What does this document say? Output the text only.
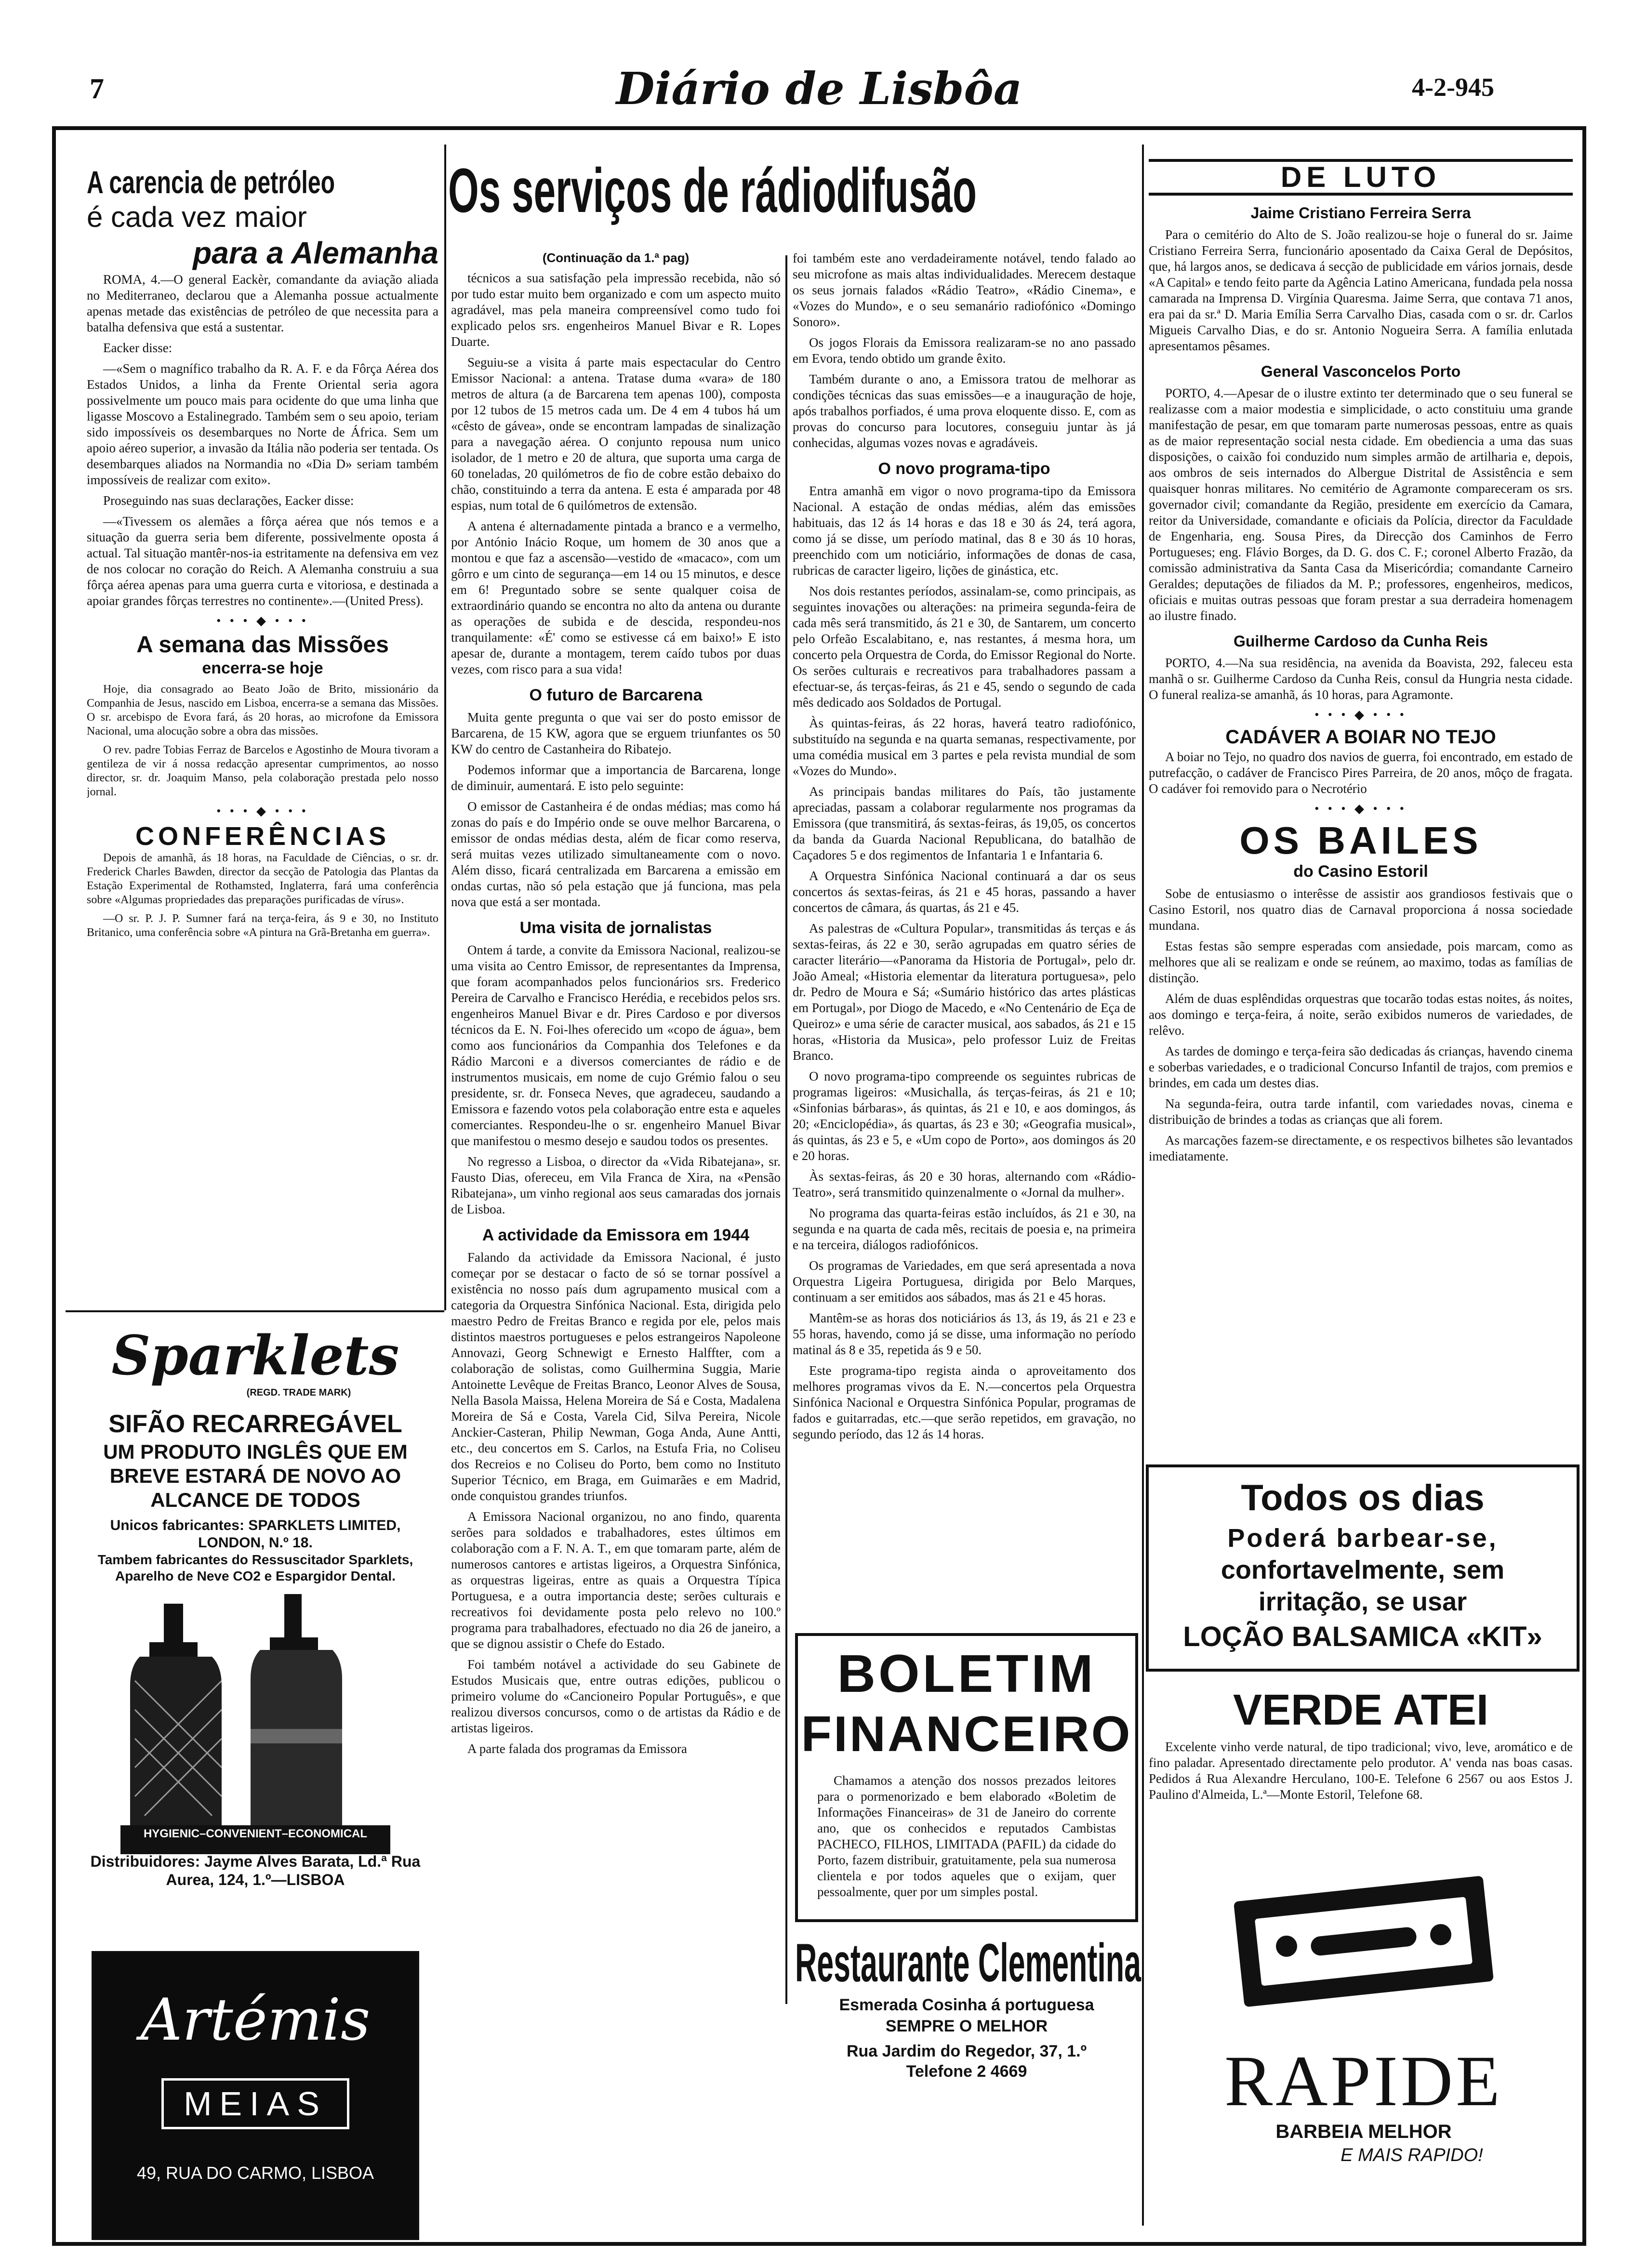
7	Diário de Lisbôa	4-2-945
A carencia de petróleo
é cada vez maior
para a Alemanha

ROMA, 4.—O general Eackèr, comandante da aviação aliada no Mediterraneo, declarou que a Alemanha possue actualmente apenas metade das existências de petróleo de que necessita para a batalha defensiva que está a sustentar.

Eacker disse:

—«Sem o magnífico trabalho da R. A. F. e da Fôrça Aérea dos Estados Unidos, a linha da Frente Oriental seria agora possivelmente um pouco mais para ocidente do que uma linha que ligasse Moscovo a Estalinegrado. Também sem o seu apoio, teriam sido impossíveis os desembarques no Norte de África. Sem um apoio aéreo superior, a invasão da Itália não poderia ser tentada. Os desembarques aliados na Normandia no «Dia D» seriam também impossíveis de realizar com exito».

Proseguindo nas suas declarações, Eacker disse:

—«Tivessem os alemães a fôrça aérea que nós temos e a situação da guerra seria bem diferente, possivelmente oposta á actual. Tal situação mantêr-nos-ia estritamente na defensiva em vez de nos colocar no coração do Reich. A Alemanha construiu a sua fôrça aérea apenas para uma guerra curta e vitoriosa, e destinada a apoiar grandes fôrças terrestres no continente».—(United Press).

• • • ◆ • • •
A semana das Missões
encerra-se hoje

Hoje, dia consagrado ao Beato João de Brito, missionário da Companhia de Jesus, nascido em Lisboa, encerra-se a semana das Missões. O sr. arcebispo de Evora fará, ás 20 horas, ao microfone da Emissora Nacional, uma alocução sobre a obra das missões.

O rev. padre Tobias Ferraz de Barcelos e Agostinho de Moura tivoram a gentileza de vir á nossa redacção apresentar cumprimentos, ao nosso director, sr. dr. Joaquim Manso, pela colaboração prestada pelo nosso jornal.

• • • ◆ • • •
CONFERÊNCIAS

Depois de amanhã, ás 18 horas, na Faculdade de Ciências, o sr. dr. Frederick Charles Bawden, director da secção de Patologia das Plantas da Estação Experimental de Rothamsted, Inglaterra, fará uma conferência sobre «Algumas propriedades das preparações purificadas de vírus».

—O sr. P. J. P. Sumner fará na terça-feira, ás 9 e 30, no Instituto Britanico, uma conferência sobre «A pintura na Grã-Bretanha em guerra».

Sparklets
(REGD. TRADE MARK)
SIFÃO RECARREGÁVEL
UM PRODUTO INGLÊS QUE EM BREVE ESTARÁ DE NOVO AO ALCANCE DE TODOS
Unicos fabricantes: SPARKLETS LIMITED, LONDON, N.º 18.
Tambem fabricantes do Ressuscitador Sparklets, Aparelho de Neve CO2 e Espargidor Dental.
HYGIENIC–CONVENIENT–ECONOMICAL
Distribuidores: Jayme Alves Barata, Ld.ª Rua Aurea, 124, 1.º—LISBOA
Artémis
MEIAS
49, RUA DO CARMO, LISBOA
Os serviços de rádiodifusão
(Continuação da 1.ª pag)

técnicos a sua satisfação pela impressão recebida, não só por tudo estar muito bem organizado e com um aspecto muito agradável, mas pela maneira compreensível como tudo foi explicado pelos srs. engenheiros Manuel Bivar e R. Lopes Duarte.

Seguiu-se a visita á parte mais espectacular do Centro Emissor Nacional: a antena. Tratase duma «vara» de 180 metros de altura (a de Barcarena tem apenas 100), composta por 12 tubos de 15 metros cada um. De 4 em 4 tubos há um «cêsto de gávea», onde se encontram lampadas de sinalização para a navegação aérea. O conjunto repousa num unico isolador, de 1 metro e 20 de altura, que suporta uma carga de 60 toneladas, 20 quilómetros de fio de cobre estão debaixo do chão, constituindo a terra da antena. E esta é amparada por 48 espias, num total de 6 quilómetros de extensão.

A antena é alternadamente pintada a branco e a vermelho, por António Inácio Roque, um homem de 30 anos que a montou e que faz a ascensão—vestido de «macaco», com um gôrro e um cinto de segurança—em 14 ou 15 minutos, e desce em 6! Preguntado sobre se sente qualquer coisa de extraordinário quando se encontra no alto da antena ou durante as operações de subida e de descida, respondeu-nos tranquilamente: «É' como se estivesse cá em baixo!» E isto apesar de, durante a montagem, terem caído tubos por duas vezes, com risco para a sua vida!

O futuro de Barcarena

Muita gente pregunta o que vai ser do posto emissor de Barcarena, de 15 KW, agora que se erguem triunfantes os 50 KW do centro de Castanheira do Ribatejo.

Podemos informar que a importancia de Barcarena, longe de diminuir, aumentará. E isto pelo seguinte:

O emissor de Castanheira é de ondas médias; mas como há zonas do país e do Império onde se ouve melhor Barcarena, o emissor de ondas médias desta, além de ficar como reserva, será muitas vezes utilizado simultaneamente com o novo. Além disso, ficará centralizada em Barcarena a emissão em ondas curtas, não só pela estação que já funciona, mas pela nova que está a ser montada.

Uma visita de jornalistas

Ontem á tarde, a convite da Emissora Nacional, realizou-se uma visita ao Centro Emissor, de representantes da Imprensa, que foram acompanhados pelos funcionários srs. Frederico Pereira de Carvalho e Francisco Herédia, e recebidos pelos srs. engenheiros Manuel Bivar e dr. Pires Cardoso e por diversos técnicos da E. N. Foi-lhes oferecido um «copo de água», bem como aos funcionários da Companhia dos Telefones e da Rádio Marconi e a diversos comerciantes de rádio e de instrumentos musicais, em nome de cujo Grémio falou o seu presidente, sr. dr. Fonseca Neves, que agradeceu, saudando a Emissora e fazendo votos pela colaboração entre esta e aqueles comerciantes. Respondeu-lhe o sr. engenheiro Manuel Bivar que manifestou o mesmo desejo e saudou todos os presentes.

No regresso a Lisboa, o director da «Vida Ribatejana», sr. Fausto Dias, ofereceu, em Vila Franca de Xira, na «Pensão Ribatejana», um vinho regional aos seus camaradas dos jornais de Lisboa.

A actividade da Emissora em 1944

Falando da actividade da Emissora Nacional, é justo começar por se destacar o facto de só se tornar possível a existência no nosso país dum agrupamento musical com a categoria da Orquestra Sinfónica Nacional. Esta, dirigida pelo maestro Pedro de Freitas Branco e regida por ele, pelos mais distintos maestros portugueses e pelos estrangeiros Napoleone Annovazi, Georg Schnewigt e Ernesto Halffter, com a colaboração de solistas, como Guilhermina Suggia, Marie Antoinette Levêque de Freitas Branco, Leonor Alves de Sousa, Nella Basola Maissa, Helena Moreira de Sá e Costa, Madalena Moreira de Sá e Costa, Varela Cid, Silva Pereira, Nicole Anckier-Casteran, Philip Newman, Goga Anda, Aune Antti, etc., deu concertos em S. Carlos, na Estufa Fria, no Coliseu dos Recreios e no Coliseu do Porto, bem como no Instituto Superior Técnico, em Braga, em Guimarães e em Madrid, onde conquistou grandes triunfos.

A Emissora Nacional organizou, no ano findo, quarenta serões para soldados e trabalhadores, estes últimos em colaboração com a F. N. A. T., em que tomaram parte, além de numerosos cantores e artistas ligeiros, a Orquestra Sinfónica, as orquestras ligeiras, entre as quais a Orquestra Típica Portuguesa, e a outra importancia deste; serões culturais e recreativos foi devidamente posta pelo relevo no 100.º programa para trabalhadores, efectuado no dia 26 de janeiro, a que se dignou assistir o Chefe do Estado.

Foi também notável a actividade do seu Gabinete de Estudos Musicais que, entre outras edições, publicou o primeiro volume do «Cancioneiro Popular Português», e que realizou diversos concursos, como o de artistas da Rádio e de artistas ligeiros.

A parte falada dos programas da Emissora

foi também este ano verdadeiramente notável, tendo falado ao seu microfone as mais altas individualidades. Merecem destaque os seus jornais falados «Rádio Teatro», «Rádio Cinema», e «Vozes do Mundo», e o seu semanário radiofónico «Domingo Sonoro».

Os jogos Florais da Emissora realizaram-se no ano passado em Evora, tendo obtido um grande êxito.

Também durante o ano, a Emissora tratou de melhorar as condições técnicas das suas emissões—e a inauguração de hoje, após trabalhos porfiados, é uma prova eloquente disso. E, com as provas do concurso para locutores, conseguiu juntar às já conhecidas, algumas vozes novas e agradáveis.

O novo programa-tipo

Entra amanhã em vigor o novo programa-tipo da Emissora Nacional. A estação de ondas médias, além das emissões habituais, das 12 ás 14 horas e das 18 e 30 ás 24, terá agora, como já se disse, um período matinal, das 8 e 30 ás 10 horas, preenchido com um noticiário, informações de donas de casa, rubricas de caracter ligeiro, lições de ginástica, etc.

Nos dois restantes períodos, assinalam-se, como principais, as seguintes inovações ou alterações: na primeira segunda-feira de cada mês será transmitido, ás 21 e 30, de Santarem, um concerto pelo Orfeão Escalabitano, e, nas restantes, á mesma hora, um concerto pela Orquestra de Corda, do Emissor Regional do Norte. Os serões culturais e recreativos para trabalhadores passam a efectuar-se, ás terças-feiras, ás 21 e 45, sendo o segundo de cada mês dedicado aos Soldados de Portugal.

Às quintas-feiras, ás 22 horas, haverá teatro radiofónico, substituído na segunda e na quarta semanas, respectivamente, por uma comédia musical em 3 partes e pela revista mundial de som «Vozes do Mundo».

As principais bandas militares do País, tão justamente apreciadas, passam a colaborar regularmente nos programas da Emissora (que transmitirá, ás sextas-feiras, ás 19,05, os concertos da banda da Guarda Nacional Republicana, do batalhão de Caçadores 5 e dos regimentos de Infantaria 1 e Infantaria 6.

A Orquestra Sinfónica Nacional continuará a dar os seus concertos ás sextas-feiras, ás 21 e 45 horas, passando a haver concertos de câmara, ás quartas, ás 21 e 45.

As palestras de «Cultura Popular», transmitidas ás terças e ás sextas-feiras, ás 22 e 30, serão agrupadas em quatro séries de caracter literário—«Panorama da Historia de Portugal», pelo dr. João Ameal; «Historia elementar da literatura portuguesa», pelo dr. Pedro de Moura e Sá; «Sumário histórico das artes plásticas em Portugal», por Diogo de Macedo, e «No Centenário de Eça de Queiroz» e uma série de caracter musical, aos sabados, ás 21 e 15 horas, «Historia da Musica», pelo professor Luiz de Freitas Branco.

O novo programa-tipo compreende os seguintes rubricas de programas ligeiros: «Musichalla, ás terças-feiras, ás 21 e 10; «Sinfonias bárbaras», ás quintas, ás 21 e 10, e aos domingos, ás 20; «Enciclopédia», ás quartas, ás 23 e 30; «Geografia musical», ás quintas, ás 23 e 5, e «Um copo de Porto», aos domingos ás 20 e 20 horas.

Às sextas-feiras, ás 20 e 30 horas, alternando com «Rádio-Teatro», será transmitido quinzenalmente o «Jornal da mulher».

No programa das quarta-feiras estão incluídos, ás 21 e 30, na segunda e na quarta de cada mês, recitais de poesia e, na primeira e na terceira, diálogos radiofónicos.

Os programas de Variedades, em que será apresentada a nova Orquestra Ligeira Portuguesa, dirigida por Belo Marques, continuam a ser emitidos aos sábados, mas ás 21 e 45 horas.

Mantêm-se as horas dos noticiários ás 13, ás 19, ás 21 e 23 e 55 horas, havendo, como já se disse, uma informação no período matinal ás 8 e 35, repetida ás 9 e 50.

Este programa-tipo regista ainda o aproveitamento dos melhores programas vivos da E. N.—concertos pela Orquestra Sinfónica Nacional e Orquestra Sinfónica Popular, programas de fados e guitarradas, etc.—que serão repetidos, em gravação, no segundo período, das 12 ás 14 horas.

BOLETIM
FINANCEIRO

Chamamos a atenção dos nossos prezados leitores para o pormenorizado e bem elaborado «Boletim de Informações Financeiras» de 31 de Janeiro do corrente ano, que os conhecidos e reputados Cambistas PACHECO, FILHOS, LIMITADA (PAFIL) da cidade do Porto, fazem distribuir, gratuitamente, pela sua numerosa clientela e por todos aqueles que o exijam, quer pessoalmente, quer por um simples postal.

Restaurante Clementina
Esmerada Cosinha á portuguesa
SEMPRE O MELHOR
Rua Jardim do Regedor, 37, 1.º
Telefone 2 4669
DE LUTO
Jaime Cristiano Ferreira Serra

Para o cemitério do Alto de S. João realizou-se hoje o funeral do sr. Jaime Cristiano Ferreira Serra, funcionário aposentado da Caixa Geral de Depósitos, que, há largos anos, se dedicava á secção de publicidade em vários jornais, desde «A Capital» e tendo feito parte da Agência Latino Americana, fundada pela nossa camarada na Imprensa D. Virgínia Quaresma. Jaime Serra, que contava 71 anos, era pai da sr.ª D. Maria Emília Serra Carvalho Dias, casada com o sr. dr. Carlos Migueis Carvalho Dias, e do sr. Antonio Nogueira Serra. A família enlutada apresentamos pêsames.

General Vasconcelos Porto

PORTO, 4.—Apesar de o ilustre extinto ter determinado que o seu funeral se realizasse com a maior modestia e simplicidade, o acto constituiu uma grande manifestação de pesar, em que tomaram parte numerosas pessoas, entre as quais as de maior representação social nesta cidade. Em obediencia a uma das suas disposições, o caixão foi conduzido num simples armão de artilharia e, depois, aos ombros de seis internados do Albergue Distrital de Assistência e sem quaisquer honras militares. No cemitério de Agramonte compareceram os srs. governador civil; comandante da Região, presidente em exercício da Camara, reitor da Universidade, comandante e oficiais da Polícia, director da Faculdade de Engenharia, eng. Sousa Pires, da Direcção dos Caminhos de Ferro Portugueses; eng. Flávio Borges, da D. G. dos C. F.; coronel Alberto Frazão, da comissão administrativa da Santa Casa da Misericórdia; comandante Carneiro Geraldes; deputações de filiados da M. P.; professores, engenheiros, medicos, oficiais e muitas outras pessoas que foram prestar a sua derradeira homenagem ao ilustre finado.

Guilherme Cardoso da Cunha Reis

PORTO, 4.—Na sua residência, na avenida da Boavista, 292, faleceu esta manhã o sr. Guilherme Cardoso da Cunha Reis, consul da Hungria nesta cidade. O funeral realiza-se amanhã, ás 10 horas, para Agramonte.

• • • ◆ • • •
CADÁVER A BOIAR NO TEJO

A boiar no Tejo, no quadro dos navios de guerra, foi encontrado, em estado de putrefacção, o cadáver de Francisco Pires Parreira, de 20 anos, môço de fragata. O cadáver foi removido para o Necrotério

• • • ◆ • • •
OS BAILES
do Casino Estoril

Sobe de entusiasmo o interêsse de assistir aos grandiosos festivais que o Casino Estoril, nos quatro dias de Carnaval proporciona á nossa sociedade mundana.

Estas festas são sempre esperadas com ansiedade, pois marcam, como as melhores que ali se realizam e onde se reúnem, ao maximo, todas as famílias de distinção.

Além de duas esplêndidas orquestras que tocarão todas estas noites, ás noites, aos domingo e terça-feira, á noite, serão exibidos numeros de variedades, de relêvo.

As tardes de domingo e terça-feira são dedicadas ás crianças, havendo cinema e soberbas variedades, e o tradicional Concurso Infantil de trajos, com premios e brindes, em cada um destes dias.

Na segunda-feira, outra tarde infantil, com variedades novas, cinema e distribuição de brindes a todas as crianças que ali forem.

As marcações fazem-se directamente, e os respectivos bilhetes são levantados imediatamente.

Todos os dias
Poderá barbear-se,
confortavelmente, sem
irritação, se usar
LOÇÃO BALSAMICA «KIT»
VERDE ATEI

Excelente vinho verde natural, de tipo tradicional; vivo, leve, aromático e de fino paladar. Apresentado directamente pelo produtor. A' venda nas boas casas. Pedidos á Rua Alexandre Herculano, 100-E. Telefone 6 2567 ou aos Estos J. Paulino d'Almeida, L.ª—Monte Estoril, Telefone 68.

RAPIDE
BARBEIA MELHOR
E MAIS RAPIDO!
